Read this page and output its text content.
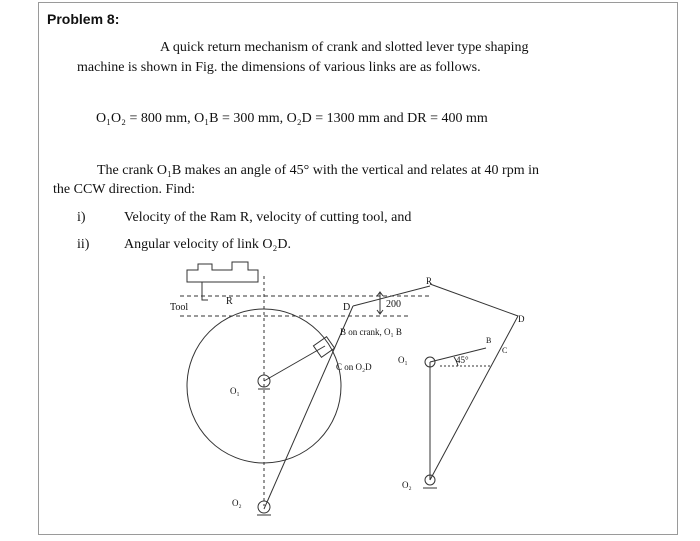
Problem 8:
A quick return mechanism of crank and slotted lever type shaping
machine is shown in Fig. the dimensions of various links are as follows.
O₁O₂ = 800 mm, O₁B = 300 mm, O₂D = 1300 mm and DR = 400 mm
The crank O₁B makes an angle of 45° with the vertical and relates at 40 rpm in
the CCW direction. Find:
i)	Velocity of the Ram R, velocity of cutting tool, and
ii) Angular velocity of link O₂D.
Tool
R
D	200
B on crank, O₁ B
C on O₂D
O₁
O₂
R
D
O₁
O₂
B
C
45°
